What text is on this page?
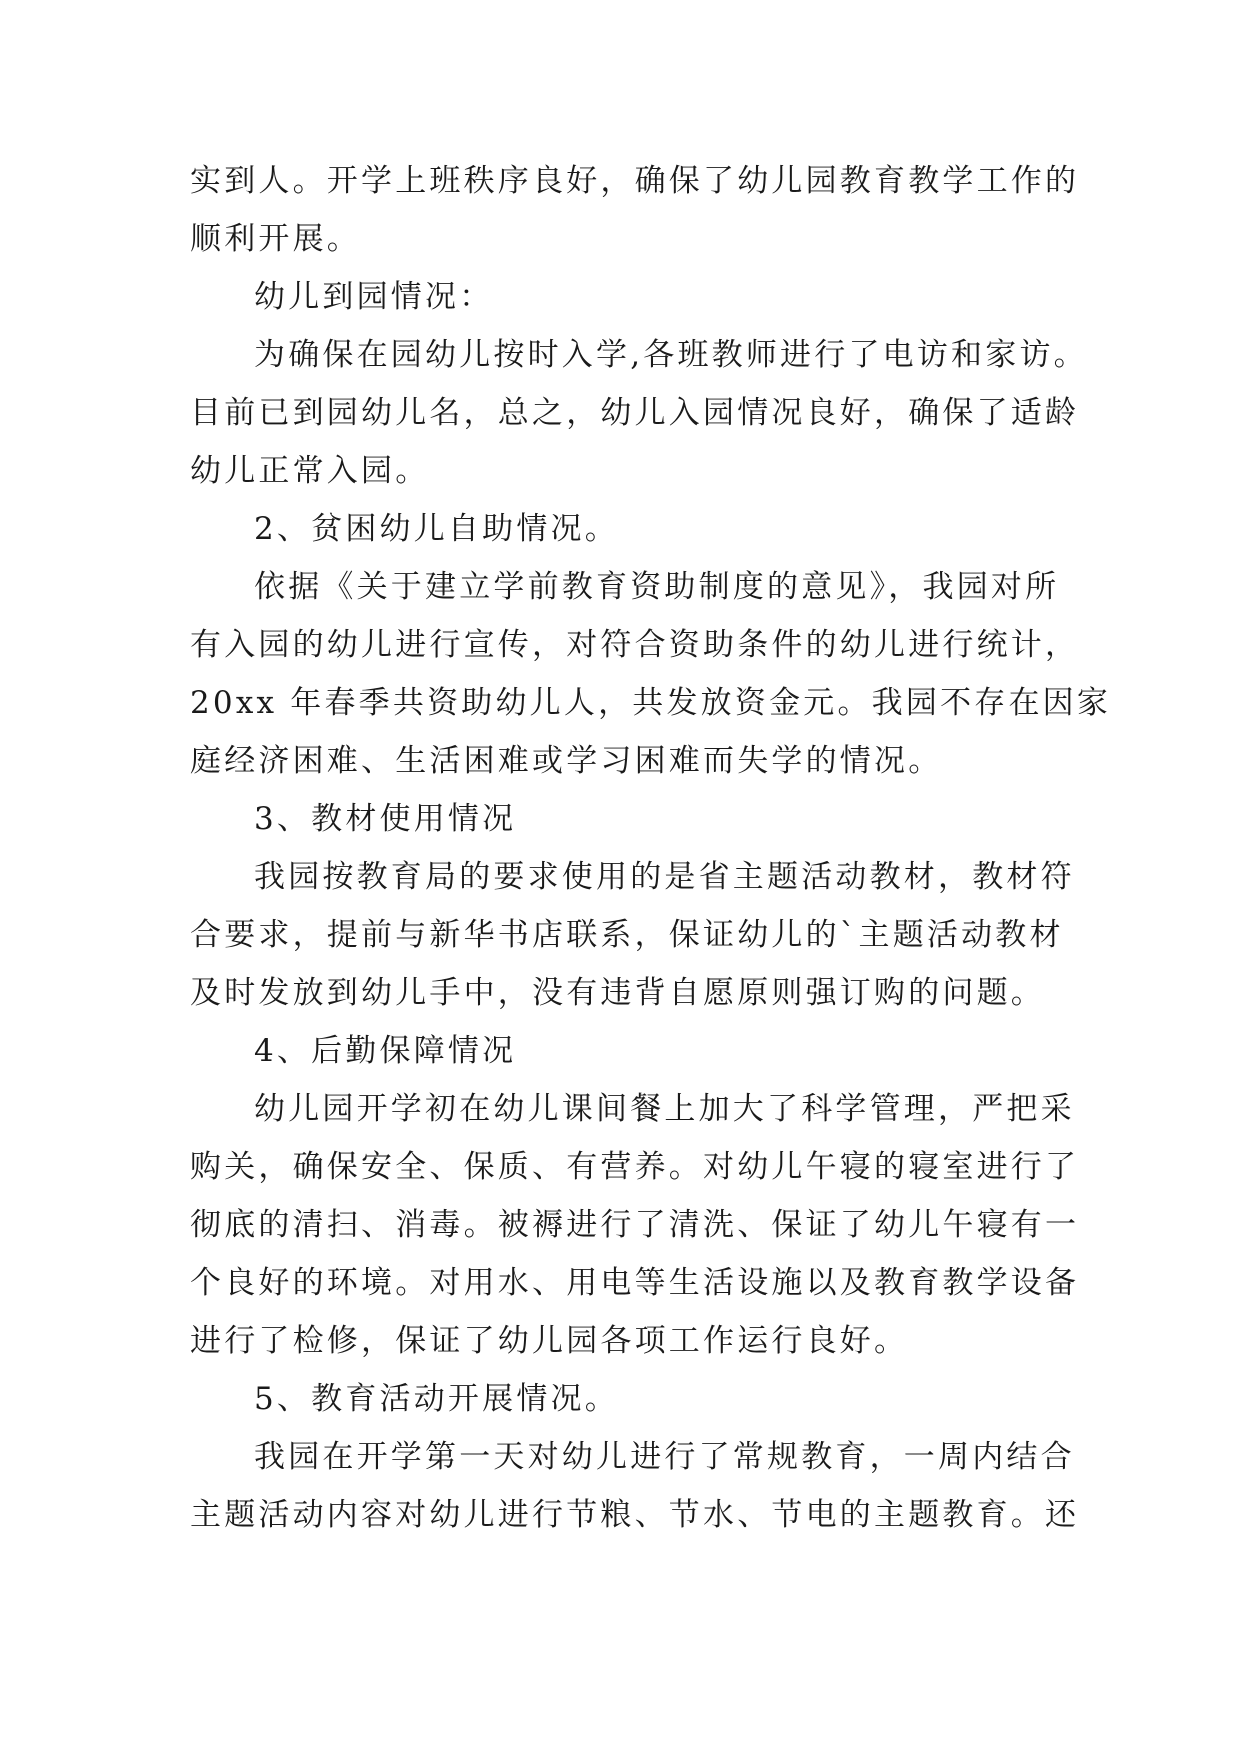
实到人。开学上班秩序良好，确保了幼儿园教育教学工作的
顺利开展。
幼儿到园情况：
为确保在园幼儿按时入学,各班教师进行了电访和家访。
目前已到园幼儿名，总之，幼儿入园情况良好，确保了适龄
幼儿正常入园。
2、贫困幼儿自助情况。
依据《关于建立学前教育资助制度的意见》，我园对所
有入园的幼儿进行宣传，对符合资助条件的幼儿进行统计，
20xx 年春季共资助幼儿人，共发放资金元。我园不存在因家
庭经济困难、生活困难或学习困难而失学的情况。
3、教材使用情况
我园按教育局的要求使用的是省主题活动教材，教材符
合要求，提前与新华书店联系，保证幼儿的`主题活动教材
及时发放到幼儿手中，没有违背自愿原则强订购的问题。
4、后勤保障情况
幼儿园开学初在幼儿课间餐上加大了科学管理，严把采
购关，确保安全、保质、有营养。对幼儿午寝的寝室进行了
彻底的清扫、消毒。被褥进行了清洗、保证了幼儿午寝有一
个良好的环境。对用水、用电等生活设施以及教育教学设备
进行了检修，保证了幼儿园各项工作运行良好。
5、教育活动开展情况。
我园在开学第一天对幼儿进行了常规教育，一周内结合
主题活动内容对幼儿进行节粮、节水、节电的主题教育。还
